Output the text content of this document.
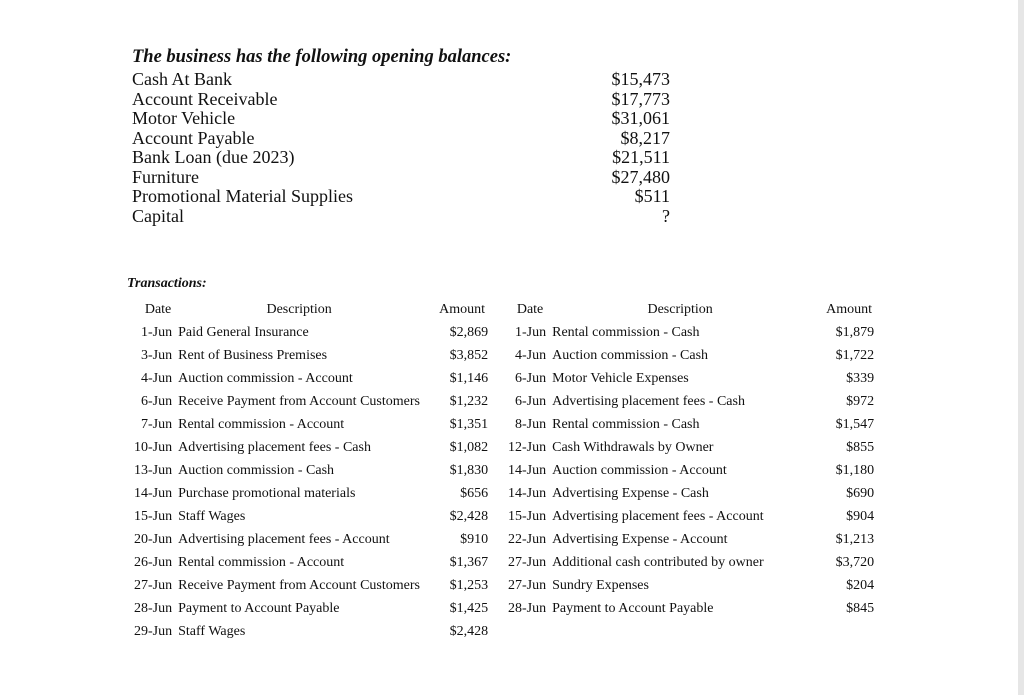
The business has the following opening balances:
Cash At Bank	$15,473
Account Receivable	$17,773
Motor Vehicle	$31,061
Account Payable	$8,217
Bank Loan (due 2023)	$21,511
Furniture	$27,480
Promotional Material Supplies	$511
Capital	?
Transactions:
Date	Description	Amount
1-Jun	Paid General Insurance	$2,869
3-Jun	Rent of Business Premises	$3,852
4-Jun	Auction commission - Account	$1,146
6-Jun	Receive Payment from Account Customers	$1,232
7-Jun	Rental commission - Account	$1,351
10-Jun	Advertising placement fees - Cash	$1,082
13-Jun	Auction commission - Cash	$1,830
14-Jun	Purchase promotional materials	$656
15-Jun	Staff Wages	$2,428
20-Jun	Advertising placement fees - Account	$910
26-Jun	Rental commission - Account	$1,367
27-Jun	Receive Payment from Account Customers	$1,253
28-Jun	Payment to Account Payable	$1,425
29-Jun	Staff Wages	$2,428
Date	Description	Amount
1-Jun	Rental commission - Cash	$1,879
4-Jun	Auction commission - Cash	$1,722
6-Jun	Motor Vehicle Expenses	$339
6-Jun	Advertising placement fees - Cash	$972
8-Jun	Rental commission - Cash	$1,547
12-Jun	Cash Withdrawals by Owner	$855
14-Jun	Auction commission - Account	$1,180
14-Jun	Advertising Expense - Cash	$690
15-Jun	Advertising placement fees - Account	$904
22-Jun	Advertising Expense - Account	$1,213
27-Jun	Additional cash contributed by owner	$3,720
27-Jun	Sundry Expenses	$204
28-Jun	Payment to Account Payable	$845
